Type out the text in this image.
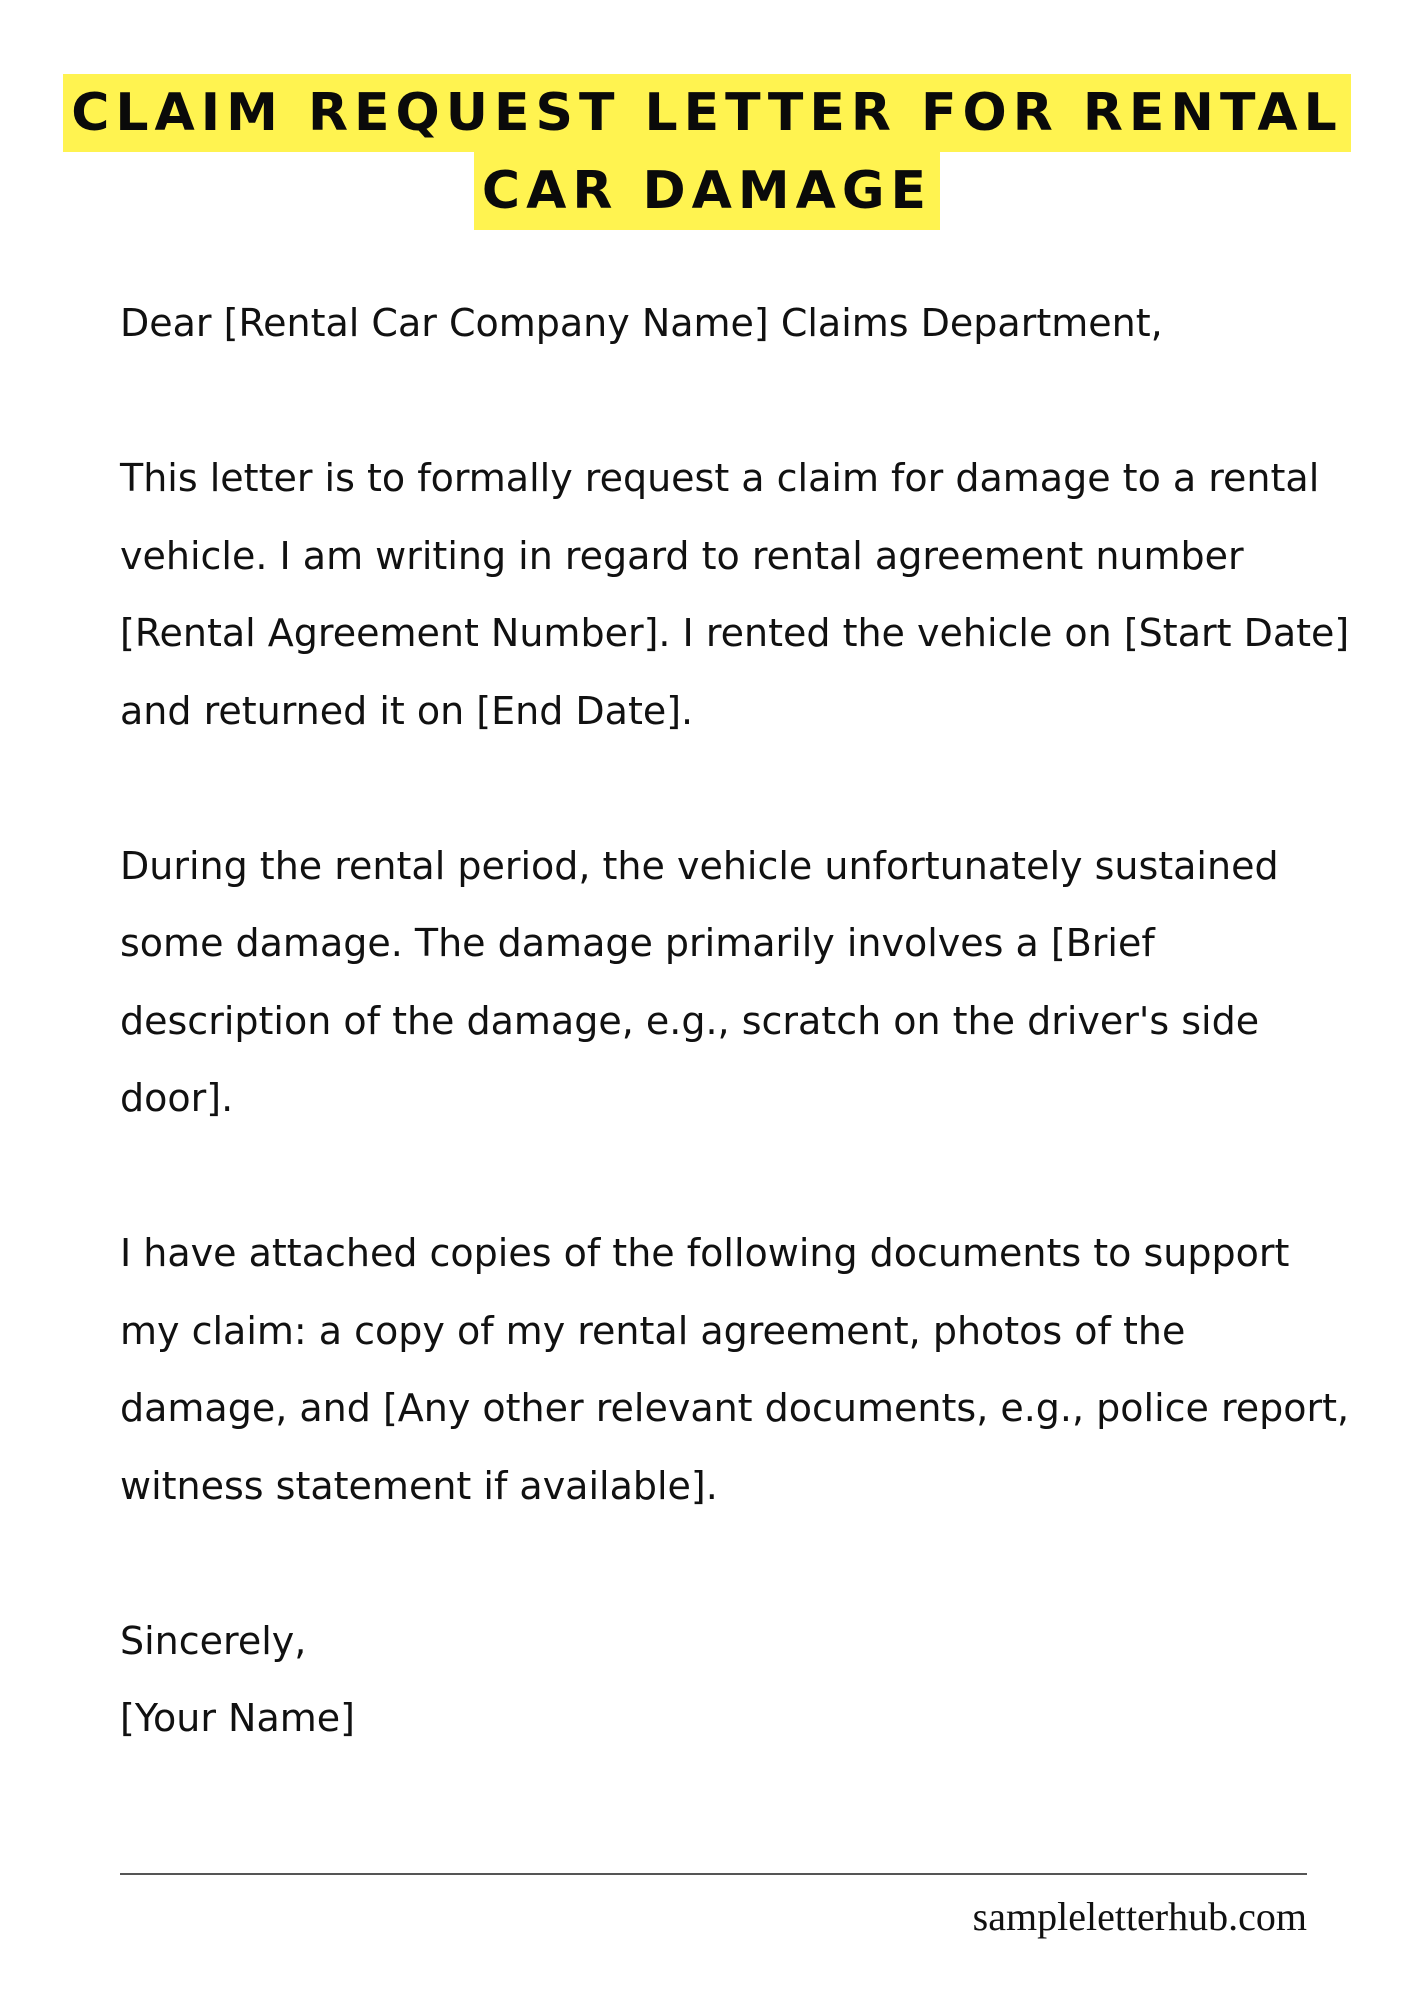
CLAIM REQUEST LETTER FOR RENTAL
CAR DAMAGE

Dear [Rental Car Company Name] Claims Department,

This letter is to formally request a claim for damage to a rental vehicle. I am writing in regard to rental agreement number [Rental Agreement Number]. I rented the vehicle on [Start Date] and returned it on [End Date].

During the rental period, the vehicle unfortunately sustained some damage. The damage primarily involves a [Brief description of the damage, e.g., scratch on the driver's side door].

I have attached copies of the following documents to support my claim: a copy of my rental agreement, photos of the damage, and [Any other relevant documents, e.g., police report, witness statement if available].

Sincerely,

[Your Name]

sampleletterhub.com
